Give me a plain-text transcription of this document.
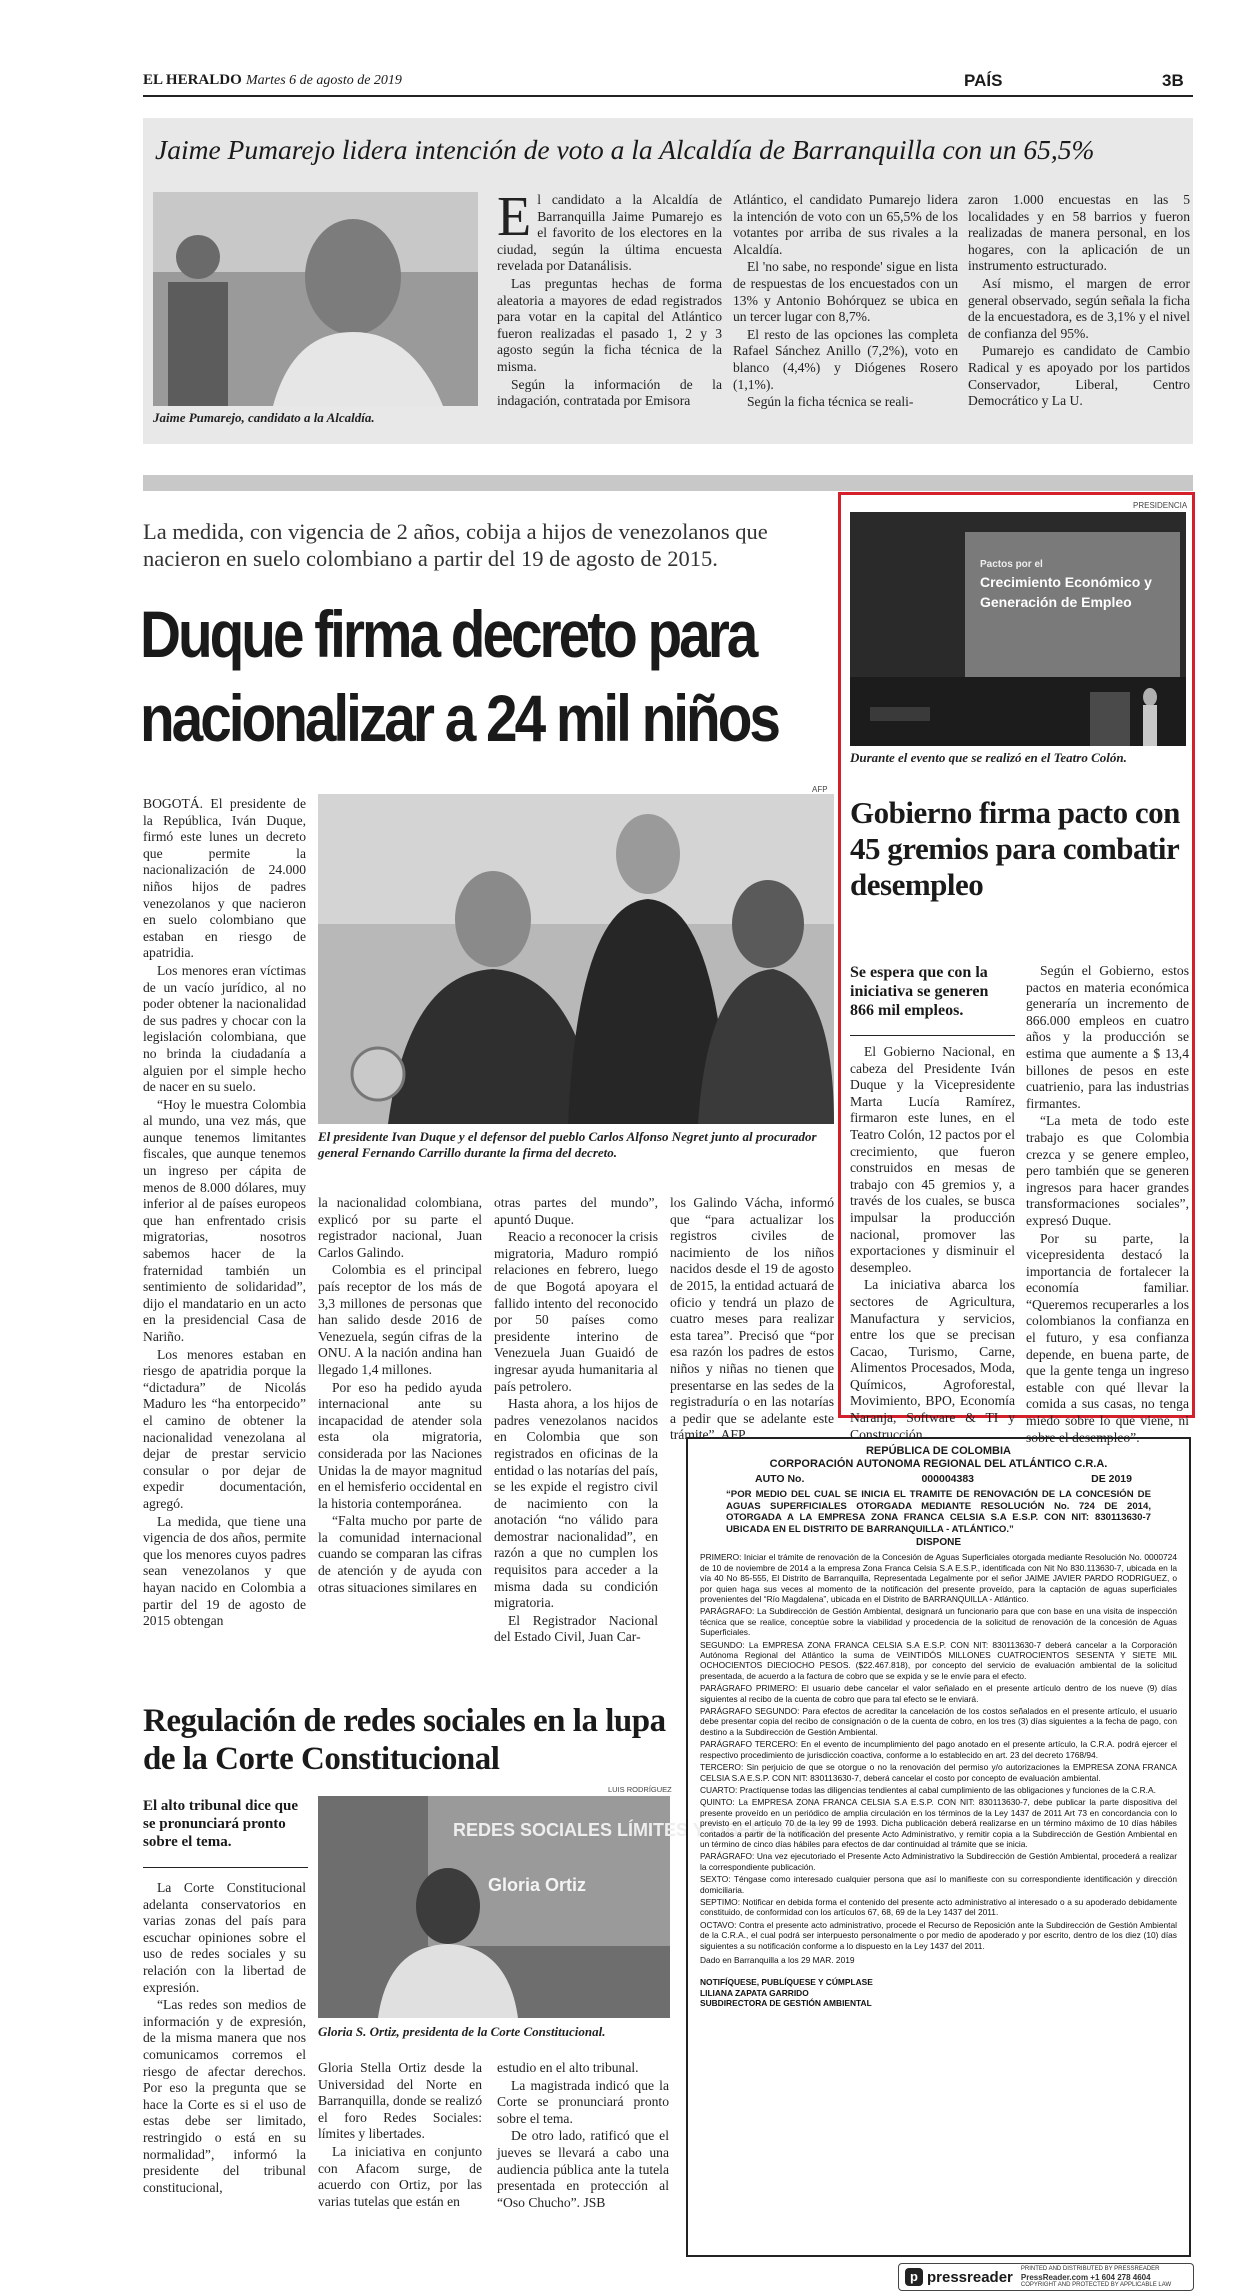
EL HERALDO Martes 6 de agosto de 2019	PAÍS	3B
Jaime Pumarejo lidera intención de voto a la Alcaldía de Barranquilla con un 65,5%
Jaime Pumarejo, candidato a la Alcaldía.

El candidato a la Alcaldía de Barranquilla Jaime Pumarejo es el favorito de los electores en la ciudad, según la última encuesta revelada por Datanálisis.

Las preguntas hechas de forma aleatoria a mayores de edad registrados para votar en la capital del Atlántico fueron realizadas el pasado 1, 2 y 3 agosto según la ficha técnica de la misma.

Según la información de la indagación, contratada por Emisora

Atlántico, el candidato Pumarejo lidera la intención de voto con un 65,5% de los votantes por arriba de sus rivales a la Alcaldía.

El 'no sabe, no responde' sigue en lista de respuestas de los encuestados con un 13% y Antonio Bohórquez se ubica en un tercer lugar con 8,7%.

El resto de las opciones las completa Rafael Sánchez Anillo (7,2%), voto en blanco (4,4%) y Diógenes Rosero (1,1%).

Según la ficha técnica se reali-

zaron 1.000 encuestas en las 5 localidades y en 58 barrios y fueron realizadas de manera personal, en los hogares, con la aplicación de un instrumento estructurado.

Así mismo, el margen de error general observado, según señala la ficha de la encuestadora, es de 3,1% y el nivel de confianza del 95%.

Pumarejo es candidato de Cambio Radical y es apoyado por los partidos Conservador, Liberal, Centro Democrático y La U.

La medida, con vigencia de 2 años, cobija a hijos de venezolanos que nacieron en suelo colombiano a partir del 19 de agosto de 2015.
Duque firma decreto para
nacionalizar a 24 mil niños
AFP
El presidente Ivan Duque y el defensor del pueblo Carlos Alfonso Negret junto al procurador general Fernando Carrillo durante la firma del decreto.

BOGOTÁ. El presidente de la República, Iván Duque, firmó este lunes un decreto que permite la nacionalización de 24.000 niños hijos de padres venezolanos y que nacieron en suelo colombiano que estaban en riesgo de apatridia.

Los menores eran víctimas de un vacío jurídico, al no poder obtener la nacionalidad de sus padres y chocar con la legislación colombiana, que no brinda la ciudadanía a alguien por el simple hecho de nacer en su suelo.

“Hoy le muestra Colombia al mundo, una vez más, que aunque tenemos limitantes fiscales, que aunque tenemos un ingreso per cápita de menos de 8.000 dólares, muy inferior al de países europeos que han enfrentado crisis migratorias, nosotros sabemos hacer de la fraternidad también un sentimiento de solidaridad”, dijo el mandatario en un acto en la presidencial Casa de Nariño.

Los menores estaban en riesgo de apatridia porque la “dictadura” de Nicolás Maduro les “ha entorpecido” el camino de obtener la nacionalidad venezolana al dejar de prestar servicio consular o por dejar de expedir documentación, agregó.

La medida, que tiene una vigencia de dos años, permite que los menores cuyos padres sean venezolanos y que hayan nacido en Colombia a partir del 19 de agosto de 2015 obtengan

la nacionalidad colombiana, explicó por su parte el registrador nacional, Juan Carlos Galindo.

Colombia es el principal país receptor de los más de 3,3 millones de personas que han salido desde 2016 de Venezuela, según cifras de la ONU. A la nación andina han llegado 1,4 millones.

Por eso ha pedido ayuda internacional ante su incapacidad de atender sola esta ola migratoria, considerada por las Naciones Unidas la de mayor magnitud en el hemisferio occidental en la historia contemporánea.

“Falta mucho por parte de la comunidad internacional cuando se comparan las cifras de atención y de ayuda con otras situaciones similares en

otras partes del mundo”, apuntó Duque.

Reacio a reconocer la crisis migratoria, Maduro rompió relaciones en febrero, luego de que Bogotá apoyara el fallido intento del reconocido por 50 países como presidente interino de Venezuela Juan Guaidó de ingresar ayuda humanitaria al país petrolero.

Hasta ahora, a los hijos de padres venezolanos nacidos en Colombia que son registrados en oficinas de la entidad o las notarías del país, se les expide el registro civil de nacimiento con la anotación “no válido para demostrar nacionalidad”, en razón a que no cumplen los requisitos para acceder a la misma dada su condición migratoria.

El Registrador Nacional del Estado Civil, Juan Car-

los Galindo Vácha, informó que “para actualizar los registros civiles de nacimiento de los niños nacidos desde el 19 de agosto de 2015, la entidad actuará de oficio y tendrá un plazo de cuatro meses para realizar esta tarea”. Precisó que “por esa razón los padres de estos niños y niñas no tienen que presentarse en las sedes de la registraduría o en las notarías a pedir que se adelante este trámite”. AFP

PRESIDENCIA
Pactos por el
Crecimiento Económico y
Generación de Empleo
Durante el evento que se realizó en el Teatro Colón.
Gobierno firma pacto con 45 gremios para combatir desempleo
Se espera que con la iniciativa se generen 866 mil empleos.

El Gobierno Nacional, en cabeza del Presidente Iván Duque y la Vicepresidente Marta Lucía Ramírez, firmaron este lunes, en el Teatro Colón, 12 pactos por el crecimiento, que fueron construidos en mesas de trabajo con 45 gremios y, a través de los cuales, se busca impulsar la producción nacional, promover las exportaciones y disminuir el desempleo.

La iniciativa abarca los sectores de Agricultura, Manufactura y servicios, entre los que se precisan Cacao, Turismo, Carne, Alimentos Procesados, Moda, Químicos, Agroforestal, Movimiento, BPO, Economía Naranja, Software & TI y Construcción.

Según el Gobierno, estos pactos en materia económica generaría un incremento de 866.000 empleos en cuatro años y la producción se estima que aumente a $ 13,4 billones de pesos en este cuatrienio, para las industrias firmantes.

“La meta de todo este trabajo es que Colombia crezca y se genere empleo, pero también que se generen ingresos para hacer grandes transformaciones sociales”, expresó Duque.

Por su parte, la vicepresidenta destacó la importancia de fortalecer la economía familiar. “Queremos recuperarles a los colombianos la confianza en el futuro, y esa confianza depende, en buena parte, de que la gente tenga un ingreso estable con qué llevar la comida a sus casas, no tenga miedo sobre lo que viene, ni sobre el desempleo”.

Regulación de redes sociales en la lupa de la Corte Constitucional
El alto tribunal dice que se pronunciará pronto sobre el tema.
LUIS RODRÍGUEZ
REDES SOCIALES LÍMITES Y LIBERTADES
Gloria Ortiz
Gloria S. Ortiz, presidenta de la Corte Constitucional.

La Corte Constitucional adelanta conservatorios en varias zonas del país para escuchar opiniones sobre el uso de redes sociales y su relación con la libertad de expresión.

“Las redes son medios de información y de expresión, de la misma manera que nos comunicamos corremos el riesgo de afectar derechos. Por eso la pregunta que se hace la Corte es si el uso de estas debe ser limitado, restringido o está en su normalidad”, informó la presidente del tribunal constitucional,

Gloria Stella Ortiz desde la Universidad del Norte en Barranquilla, donde se realizó el foro Redes Sociales: límites y libertades.

La iniciativa en conjunto con Afacom surge, de acuerdo con Ortiz, por las varias tutelas que están en

estudio en el alto tribunal.

La magistrada indicó que la Corte se pronunciará pronto sobre el tema.

De otro lado, ratificó que el jueves se llevará a cabo una audiencia pública ante la tutela presentada en protección al “Oso Chucho”. JSB

REPÚBLICA DE COLOMBIA
CORPORACIÓN AUTONOMA REGIONAL DEL ATLÁNTICO C.R.A.
AUTO No.	000004383	DE 2019
“POR MEDIO DEL CUAL SE INICIA EL TRAMITE DE RENOVACIÓN DE LA CONCESIÓN DE AGUAS SUPERFICIALES OTORGADA MEDIANTE RESOLUCIÓN No. 724 DE 2014, OTORGADA A LA EMPRESA ZONA FRANCA CELSIA S.A E.S.P. CON NIT: 830113630-7 UBICADA EN EL DISTRITO DE BARRANQUILLA - ATLÁNTICO.”
DISPONE

PRIMERO: Iniciar el trámite de renovación de la Concesión de Aguas Superficiales otorgada mediante Resolución No. 0000724 de 10 de noviembre de 2014 a la empresa Zona Franca Celsia S.A E.S.P., identificada con Nit No 830.113630-7, ubicada en la vía 40 No 85-555, El Distrito de Barranquilla, Representada Legalmente por el señor JAIME JAVIER PARDO RODRIGUEZ, o por quien haga sus veces al momento de la notificación del presente proveído, para la captación de aguas superficiales provenientes del “Río Magdalena”, ubicada en el Distrito de BARRANQUILLA - Atlántico.

PARÁGRAFO: La Subdirección de Gestión Ambiental, designará un funcionario para que con base en una visita de inspección técnica que se realice, conceptúe sobre la viabilidad y procedencia de la solicitud de renovación de la concesión de Aguas Superficiales.

SEGUNDO: La EMPRESA ZONA FRANCA CELSIA S.A E.S.P. CON NIT: 830113630-7 deberá cancelar a la Corporación Autónoma Regional del Atlántico la suma de VEINTIDÓS MILLONES CUATROCIENTOS SESENTA Y SIETE MIL OCHOCIENTOS DIECIOCHO PESOS. ($22.467.818), por concepto del servicio de evaluación ambiental de la solicitud presentada, de acuerdo a la factura de cobro que se expida y se le envíe para el efecto.

PARÁGRAFO PRIMERO: El usuario debe cancelar el valor señalado en el presente artículo dentro de los nueve (9) días siguientes al recibo de la cuenta de cobro que para tal efecto se le enviará.

PARÁGRAFO SEGUNDO: Para efectos de acreditar la cancelación de los costos señalados en el presente artículo, el usuario debe presentar copia del recibo de consignación o de la cuenta de cobro, en los tres (3) días siguientes a la fecha de pago, con destino a la Subdirección de Gestión Ambiental.

PARÁGRAFO TERCERO: En el evento de incumplimiento del pago anotado en el presente artículo, la C.R.A. podrá ejercer el respectivo procedimiento de jurisdicción coactiva, conforme a lo establecido en art. 23 del decreto 1768/94.

TERCERO: Sin perjuicio de que se otorgue o no la renovación del permiso y/o autorizaciones la EMPRESA ZONA FRANCA CELSIA S.A E.S.P. CON NIT: 830113630-7, deberá cancelar el costo por concepto de evaluación ambiental.

CUARTO: Practíquense todas las diligencias tendientes al cabal cumplimiento de las obligaciones y funciones de la C.R.A.

QUINTO: La EMPRESA ZONA FRANCA CELSIA S.A E.S.P. CON NIT: 830113630-7, debe publicar la parte dispositiva del presente proveído en un periódico de amplia circulación en los términos de la Ley 1437 de 2011 Art 73 en concordancia con lo previsto en el artículo 70 de la ley 99 de 1993. Dicha publicación deberá realizarse en un término máximo de 10 días hábiles contados a partir de la notificación del presente Acto Administrativo, y remitir copia a la Subdirección de Gestión Ambiental en un término de cinco días hábiles para efectos de dar continuidad al trámite que se inicia.

PARÁGRAFO: Una vez ejecutoriado el Presente Acto Administrativo la Subdirección de Gestión Ambiental, procederá a realizar la correspondiente publicación.

SEXTO: Téngase como interesado cualquier persona que así lo manifieste con su correspondiente identificación y dirección domiciliaria.

SEPTIMO: Notificar en debida forma el contenido del presente acto administrativo al interesado o a su apoderado debidamente constituido, de conformidad con los artículos 67, 68, 69 de la Ley 1437 del 2011.

OCTAVO: Contra el presente acto administrativo, procede el Recurso de Reposición ante la Subdirección de Gestión Ambiental de la C.R.A., el cual podrá ser interpuesto personalmente o por medio de apoderado y por escrito, dentro de los diez (10) días siguientes a su notificación conforme a lo dispuesto en la Ley 1437 del 2011.

Dado en Barranquilla a los 29 MAR. 2019
NOTIFÍQUESE, PUBLÍQUESE Y CÚMPLASE
LILIANA ZAPATA GARRIDO
SUBDIRECTORA DE GESTIÓN AMBIENTAL
p pressreader PRINTED AND DISTRIBUTED BY PRESSREADER
PressReader.com +1 604 278 4604
COPYRIGHT AND PROTECTED BY APPLICABLE LAW
